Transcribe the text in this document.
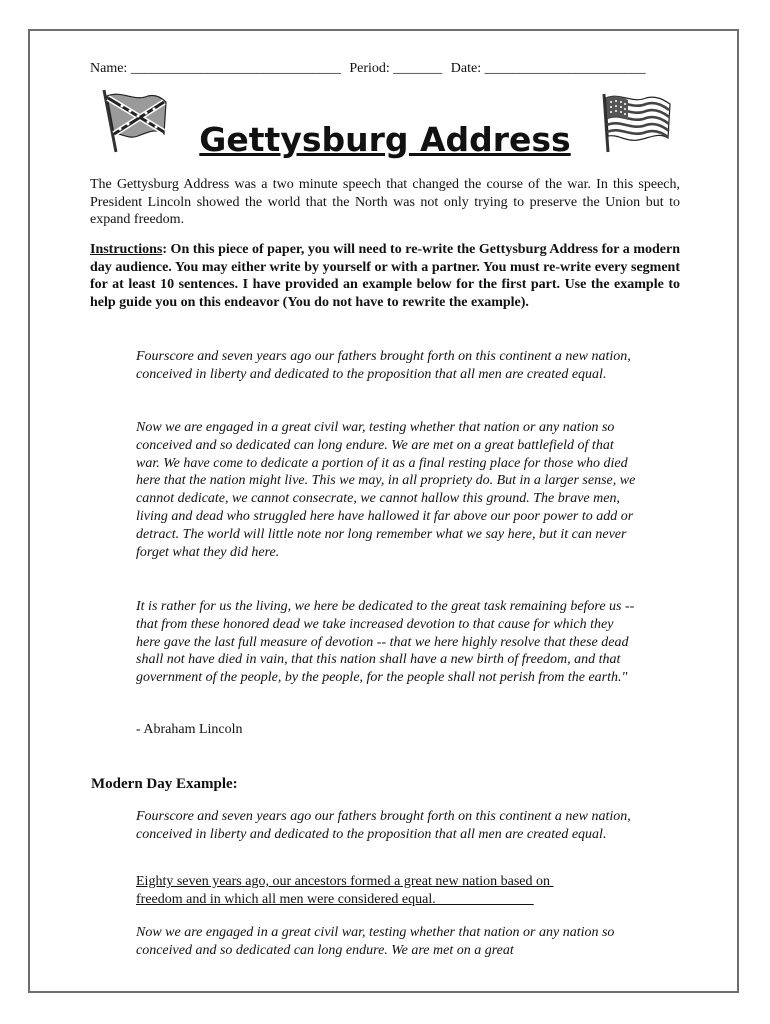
Name: ______________________________ Period: _______ Date: _______________________
Gettysburg Address
The Gettysburg Address was a two minute speech that changed the course of the war. In this speech, President Lincoln showed the world that the North was not only trying to preserve the Union but to expand freedom.
Instructions: On this piece of paper, you will need to re-write the Gettysburg Address for a modern day audience. You may either write by yourself or with a partner. You must re-write every segment for at least 10 sentences. I have provided an example below for the first part. Use the example to help guide you on this endeavor (You do not have to rewrite the example).
Fourscore and seven years ago our fathers brought forth on this continent a new nation, conceived in liberty and dedicated to the proposition that all men are created equal.
Now we are engaged in a great civil war, testing whether that nation or any nation so conceived and so dedicated can long endure. We are met on a great battlefield of that war. We have come to dedicate a portion of it as a final resting place for those who died here that the nation might live. This we may, in all propriety do. But in a larger sense, we cannot dedicate, we cannot consecrate, we cannot hallow this ground. The brave men, living and dead who struggled here have hallowed it far above our poor power to add or detract. The world will little note nor long remember what we say here, but it can never forget what they did here.
It is rather for us the living, we here be dedicated to the great task remaining before us -- that from these honored dead we take increased devotion to that cause for which they here gave the last full measure of devotion -- that we here highly resolve that these dead shall not have died in vain, that this nation shall have a new birth of freedom, and that government of the people, by the people, for the people shall not perish from the earth."
- Abraham Lincoln
Modern Day Example:
Fourscore and seven years ago our fathers brought forth on this continent a new nation, conceived in liberty and dedicated to the proposition that all men are created equal.
Eighty seven years ago, our ancestors formed a great new nation based on
freedom and in which all men were considered equal.
Now we are engaged in a great civil war, testing whether that nation or any nation so conceived and so dedicated can long endure. We are met on a great
